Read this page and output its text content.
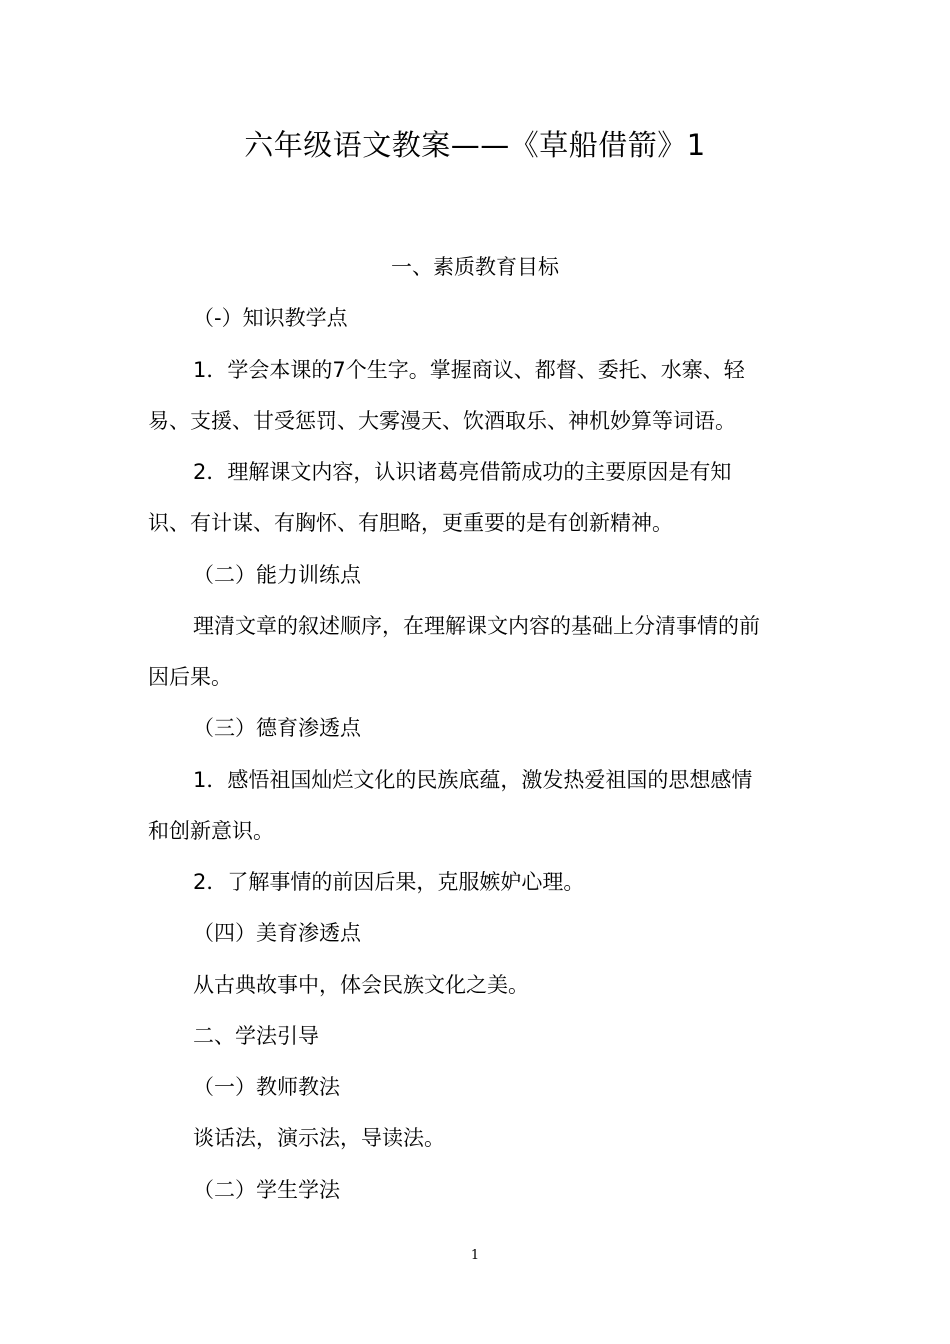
六年级语文教案——《草船借箭》1
一、素质教育目标
（-）知识教学点
1．学会本课的7个生字。掌握商议、都督、委托、水寨、轻
易、支援、甘受惩罚、大雾漫天、饮酒取乐、神机妙算等词语。
2．理解课文内容，认识诸葛亮借箭成功的主要原因是有知
识、有计谋、有胸怀、有胆略，更重要的是有创新精神。
（二）能力训练点
理清文章的叙述顺序，在理解课文内容的基础上分清事情的前
因后果。
（三）德育渗透点
1．感悟祖国灿烂文化的民族底蕴，激发热爱祖国的思想感情
和创新意识。
2．了解事情的前因后果，克服嫉妒心理。
（四）美育渗透点
从古典故事中，体会民族文化之美。
二、学法引导
（一）教师教法
谈话法，演示法，导读法。
（二）学生学法
1
